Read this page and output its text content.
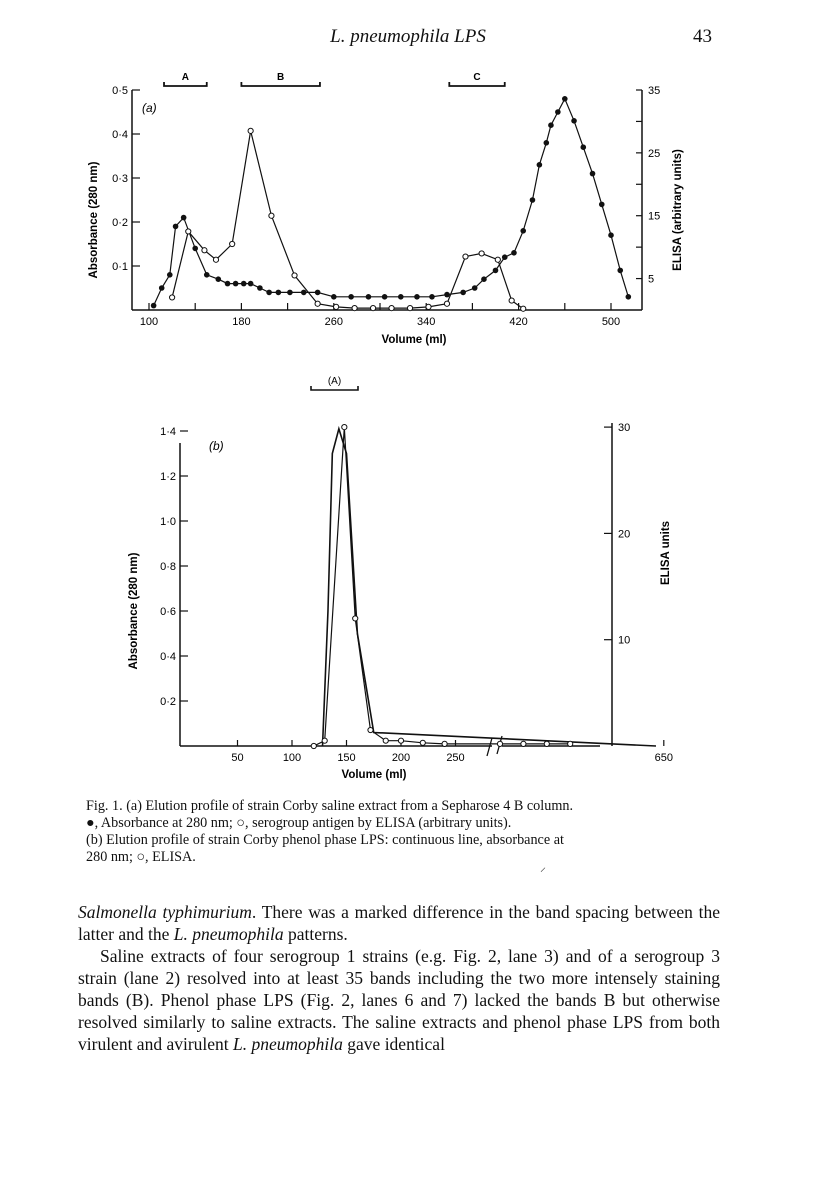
L. pneumophila LPS	43
0·1
0·2
0·3
0·4
0·5
5
15
25
35
100	180	260	340	420	500
Volume (ml)
Absorbance (280 nm)	ELISA (arbitrary units)
(a)
A	B	C
0·2
0·4
0·6
0·8
1·0
1·2
1·4
10
20
30
50	100	150	200	250	650
Volume (ml)
Absorbance (280 nm)	ELISA units
(b)
(A)
Fig. 1. (a) Elution profile of strain Corby saline extract from a Sepharose 4 B column.
●, Absorbance at 280 nm; ○, serogroup antigen by ELISA (arbitrary units).
(b) Elution profile of strain Corby phenol phase LPS: continuous line, absorbance at
280 nm; ○, ELISA.
⸝

Salmonella typhimurium. There was a marked difference in the band spacing between the latter and the L. pneumophila patterns.

Saline extracts of four serogroup 1 strains (e.g. Fig. 2, lane 3) and of a serogroup 3 strain (lane 2) resolved into at least 35 bands including the two more intensely staining bands (B). Phenol phase LPS (Fig. 2, lanes 6 and 7) lacked the bands B but otherwise resolved similarly to saline extracts. The saline extracts and phenol phase LPS from both virulent and avirulent L. pneumophila gave identical
